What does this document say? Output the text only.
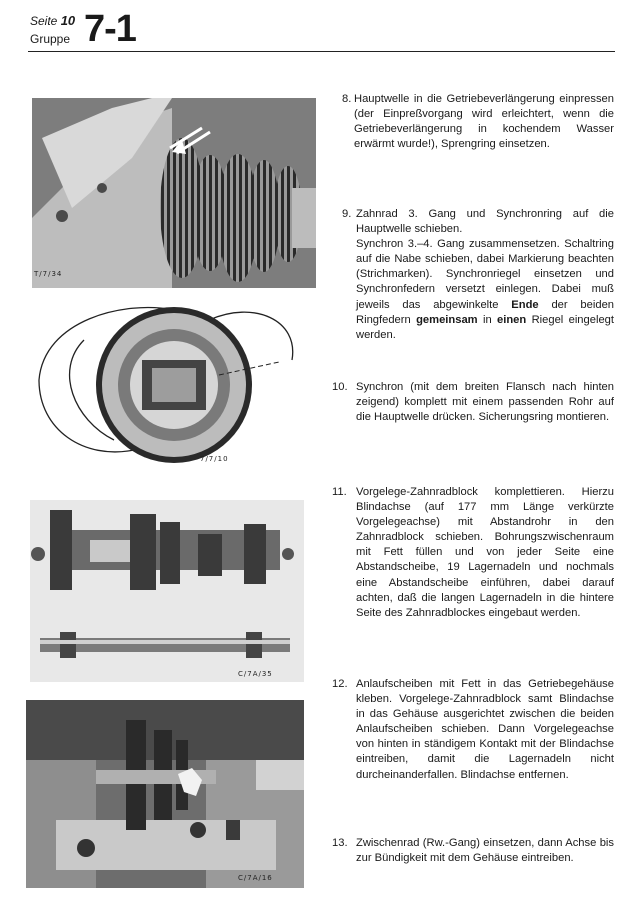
Seite 10
Gruppe 7-1
T/7/34
7/7/10
C/7A/35
C/7A/16
8. Hauptwelle in die Getriebeverlängerung einpressen (der Einpreßvorgang wird erleichtert, wenn die Getriebeverlängerung in kochendem Wasser erwärmt wurde!), Sprengring einsetzen.

9. Zahnrad 3. Gang und Synchronring auf die Hauptwelle schieben.

Synchron 3.–4. Gang zusammensetzen. Schaltring auf die Nabe schieben, dabei Markierung beachten (Strichmarken). Synchronriegel einsetzen und Synchronfedern versetzt einlegen. Dabei muß jeweils das abgewinkelte Ende der beiden Ringfedern gemeinsam in einen Riegel eingelegt werden.

10. Synchron (mit dem breiten Flansch nach hinten zeigend) komplett mit einem passenden Rohr auf die Hauptwelle drücken. Sicherungsring montieren.

11. Vorgelege-Zahnradblock komplettieren. Hierzu Blindachse (auf 177 mm Länge verkürzte Vorgelegeachse) mit Abstandrohr in den Zahnradblock schieben. Bohrungszwischenraum mit Fett füllen und von jeder Seite eine Abstandscheibe, 19 Lagernadeln und nochmals eine Abstandscheibe einführen, dabei darauf achten, daß die langen Lagernadeln in die hintere Seite des Zahnradblockes eingebaut werden.

12. Anlaufscheiben mit Fett in das Getriebegehäuse kleben. Vorgelege-Zahnradblock samt Blindachse in das Gehäuse ausgerichtet zwischen die beiden Anlaufscheiben schieben. Dann Vorgelegeachse von hinten in ständigem Kontakt mit der Blindachse eintreiben, damit die Lagernadeln nicht durcheinanderfallen. Blindachse entfernen.

13. Zwischenrad (Rw.-Gang) einsetzen, dann Achse bis zur Bündigkeit mit dem Gehäuse eintreiben.
